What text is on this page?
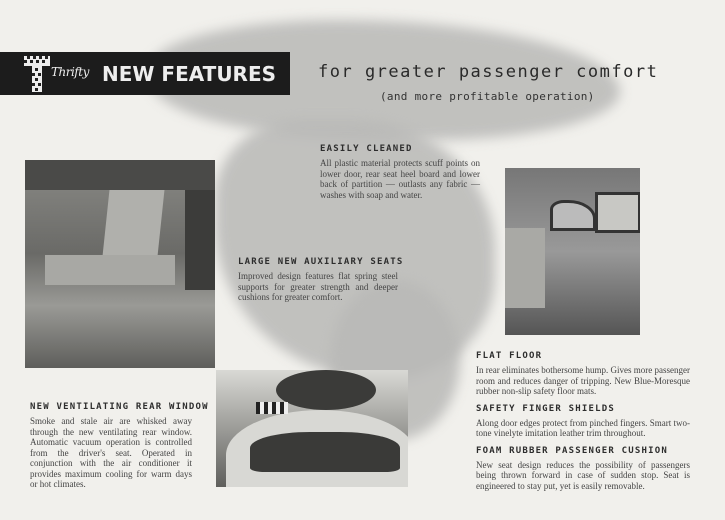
Thrifty NEW FEATURES for greater passenger comfort
(and more profitable operation)
EASILY CLEANED
All plastic material protects scuff points on lower door, rear seat heel board and lower back of partition — outlasts any fabric — washes with soap and water.
LARGE NEW AUXILIARY SEATS
Improved design features flat spring steel supports for greater strength and deeper cushions for greater comfort.
FLAT FLOOR
In rear eliminates bothersome hump. Gives more passenger room and reduces danger of tripping. New Blue-Moresque rubber non-slip safety floor mats.
SAFETY FINGER SHIELDS
Along door edges protect from pinched fingers. Smart two-tone vinelyte imitation leather trim throughout.
FOAM RUBBER PASSENGER CUSHION
New seat design reduces the possibility of passengers being thrown forward in case of sudden stop. Seat is engineered to stay put, yet is easily removable.
NEW VENTILATING REAR WINDOW
Smoke and stale air are whisked away through the new ventilating rear window. Automatic vacuum operation is controlled from the driver's seat. Operated in conjunction with the air conditioner it provides maximum cooling for warm days or hot climates.
